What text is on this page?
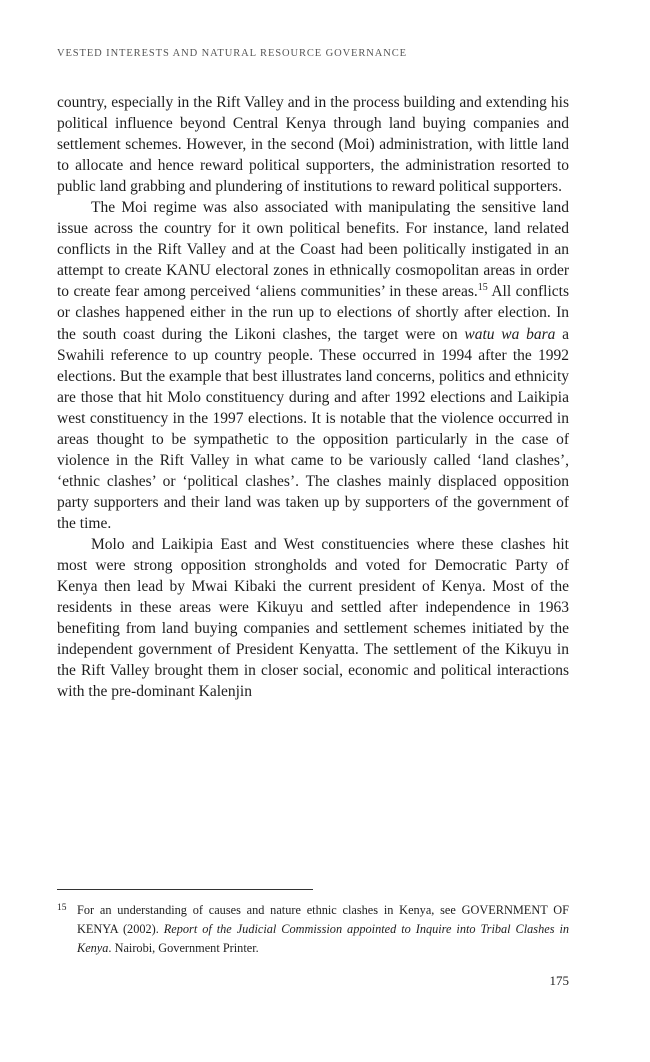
VESTED INTERESTS AND NATURAL RESOURCE GOVERNANCE

country, especially in the Rift Valley and in the process building and extending his political influence beyond Central Kenya through land buying companies and settlement schemes. However, in the second (Moi) administration, with little land to allocate and hence reward political supporters, the administration resorted to public land grabbing and plundering of institutions to reward political supporters.

The Moi regime was also associated with manipulating the sensitive land issue across the country for it own political benefits. For instance, land related conflicts in the Rift Valley and at the Coast had been politically instigated in an attempt to create KANU electoral zones in ethnically cosmopolitan areas in order to create fear among perceived ‘aliens communities’ in these areas.$^{15}$ All conflicts or clashes happened either in the run up to elections of shortly after election. In the south coast during the Likoni clashes, the target were on watu wa bara a Swahili reference to up country people. These occurred in 1994 after the 1992 elections. But the example that best illustrates land concerns, politics and ethnicity are those that hit Molo constituency during and after 1992 elections and Laikipia west constituency in the 1997 elections. It is notable that the violence occurred in areas thought to be sympathetic to the opposition particularly in the case of violence in the Rift Valley in what came to be variously called ‘land clashes’, ‘ethnic clashes’ or ‘political clashes’. The clashes mainly displaced opposition party supporters and their land was taken up by supporters of the government of the time.

Molo and Laikipia East and West constituencies where these clashes hit most were strong opposition strongholds and voted for Democratic Party of Kenya then lead by Mwai Kibaki the current president of Kenya. Most of the residents in these areas were Kikuyu and settled after independence in 1963 benefiting from land buying companies and settlement schemes initiated by the independent government of President Kenyatta. The settlement of the Kikuyu in the Rift Valley brought them in closer social, economic and political interactions with the pre-dominant Kalenjin

15 For an understanding of causes and nature ethnic clashes in Kenya, see GOVERNMENT OF KENYA (2002). Report of the Judicial Commission appointed to Inquire into Tribal Clashes in Kenya. Nairobi, Government Printer.
175
